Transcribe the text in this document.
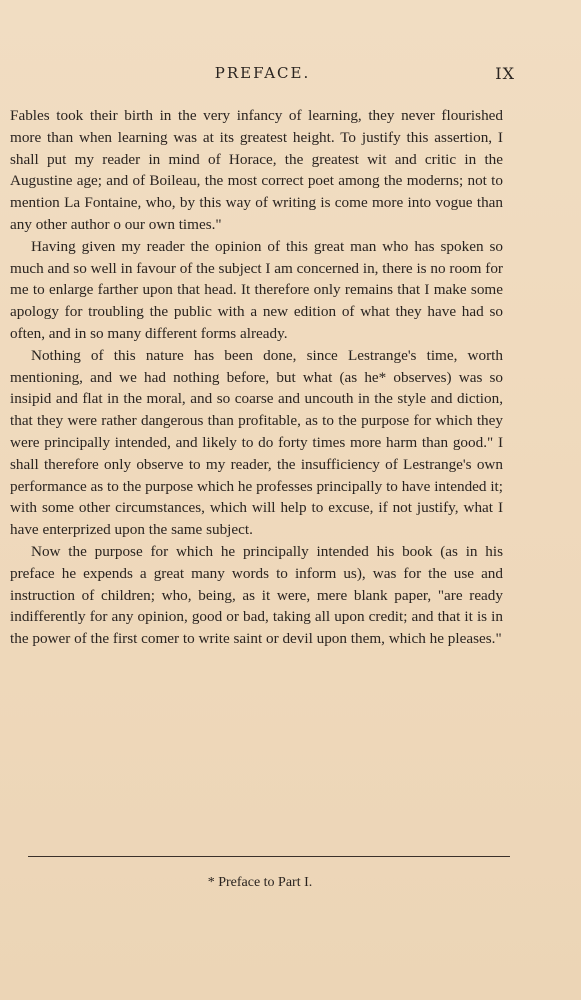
PREFACE.	IX

Fables took their birth in the very infancy of learning, they never flourished more than when learning was at its greatest height. To justify this assertion, I shall put my reader in mind of Horace, the greatest wit and critic in the Augustine age; and of Boileau, the most correct poet among the moderns; not to mention La Fontaine, who, by this way of writing is come more into vogue than any other author o our own times."

Having given my reader the opinion of this great man who has spoken so much and so well in favour of the subject I am concerned in, there is no room for me to enlarge farther upon that head. It therefore only remains that I make some apology for troubling the public with a new edition of what they have had so often, and in so many different forms already.

Nothing of this nature has been done, since Lestrange's time, worth mentioning, and we had nothing before, but what (as he* observes) was so insipid and flat in the moral, and so coarse and uncouth in the style and diction, that they were rather dangerous than profitable, as to the purpose for which they were principally intended, and likely to do forty times more harm than good." I shall therefore only observe to my reader, the insufficiency of Lestrange's own performance as to the purpose which he professes principally to have intended it; with some other circumstances, which will help to excuse, if not justify, what I have enterprized upon the same subject.

Now the purpose for which he principally intended his book (as in his preface he expends a great many words to inform us), was for the use and instruction of children; who, being, as it were, mere blank paper, "are ready indifferently for any opinion, good or bad, taking all upon credit; and that it is in the power of the first comer to write saint or devil upon them, which he pleases."

* Preface to Part I.
